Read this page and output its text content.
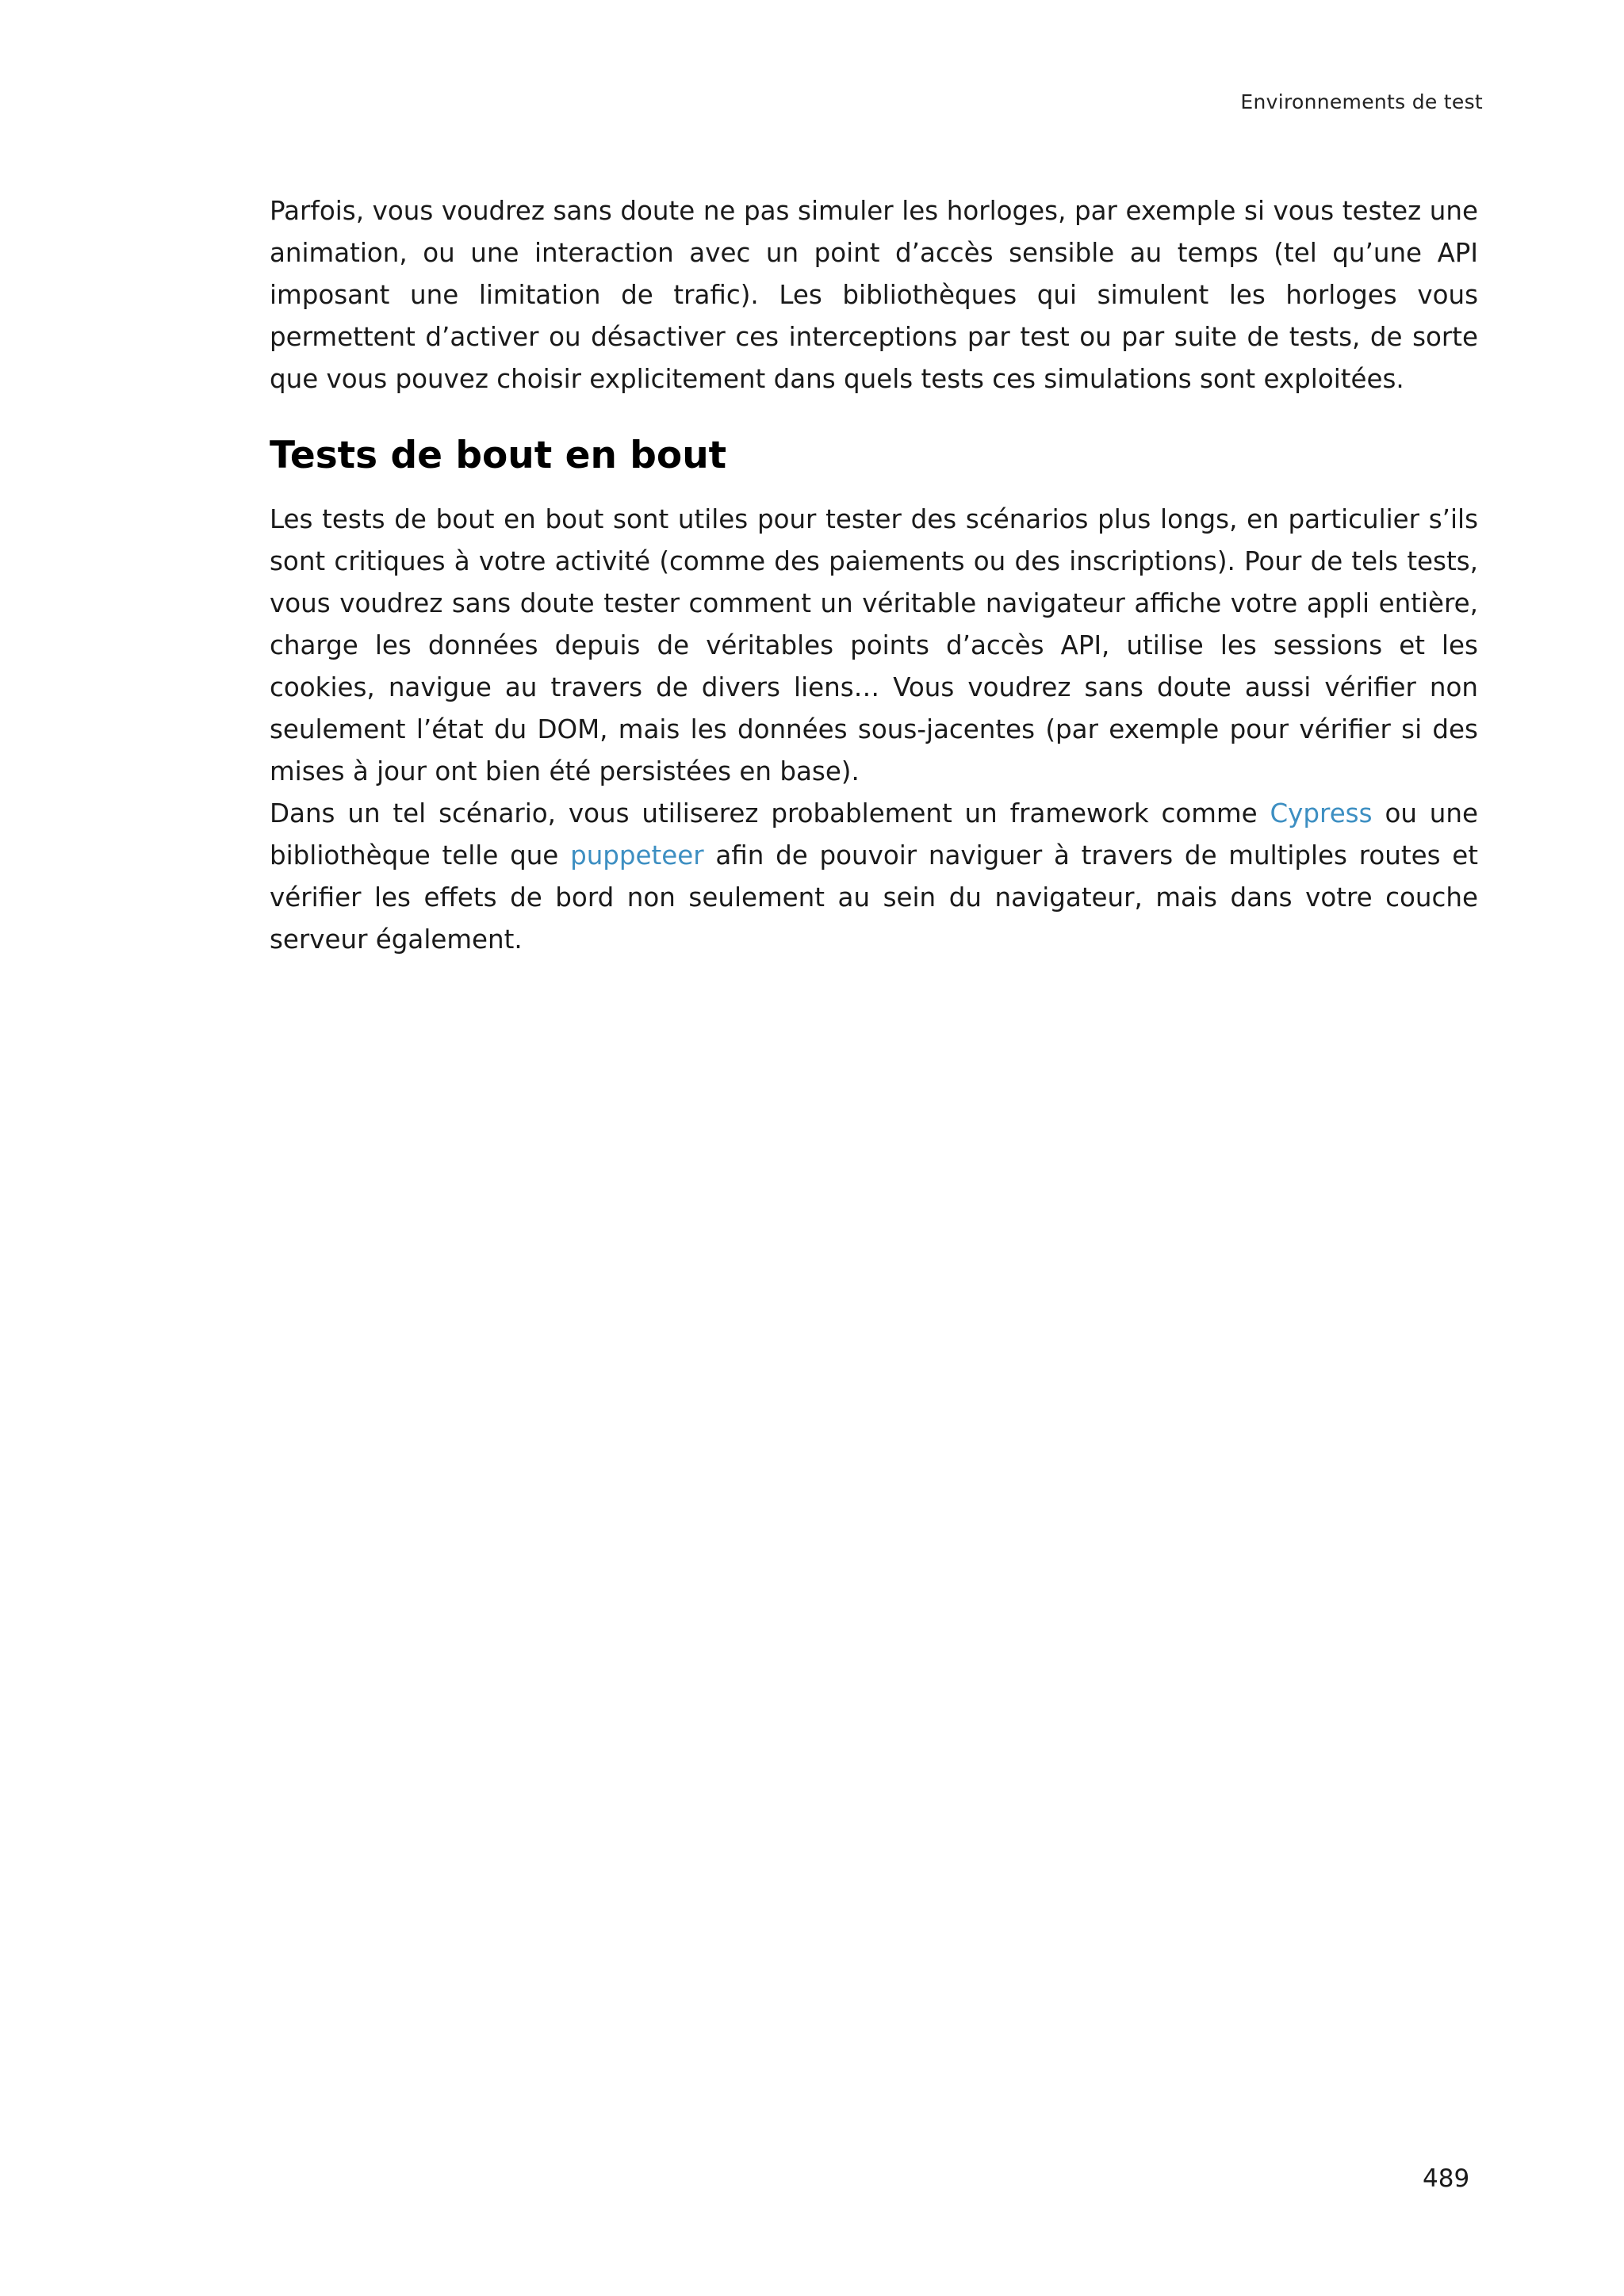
Environnements de test

Parfois, vous voudrez sans doute ne pas simuler les horloges, par exemple si vous testez une animation, ou une interaction avec un point d’accès sensible au temps (tel qu’une API imposant une limitation de trafic). Les bibliothèques qui simulent les horloges vous permettent d’activer ou désactiver ces interceptions par test ou par suite de tests, de sorte que vous pouvez choisir explicitement dans quels tests ces simulations sont exploitées.

Tests de bout en bout

Les tests de bout en bout sont utiles pour tester des scénarios plus longs, en particulier s’ils sont critiques à votre activité (comme des paiements ou des inscriptions). Pour de tels tests, vous voudrez sans doute tester comment un véritable navigateur affiche votre appli entière, charge les données depuis de véritables points d’accès API, utilise les sessions et les cookies, navigue au travers de divers liens… Vous voudrez sans doute aussi vérifier non seulement l’état du DOM, mais les données sous-jacentes (par exemple pour vérifier si des mises à jour ont bien été persistées en base).

Dans un tel scénario, vous utiliserez probablement un framework comme Cypress ou une bibliothèque telle que puppeteer afin de pouvoir naviguer à travers de multiples routes et vérifier les effets de bord non seulement au sein du navigateur, mais dans votre couche serveur également.

489
